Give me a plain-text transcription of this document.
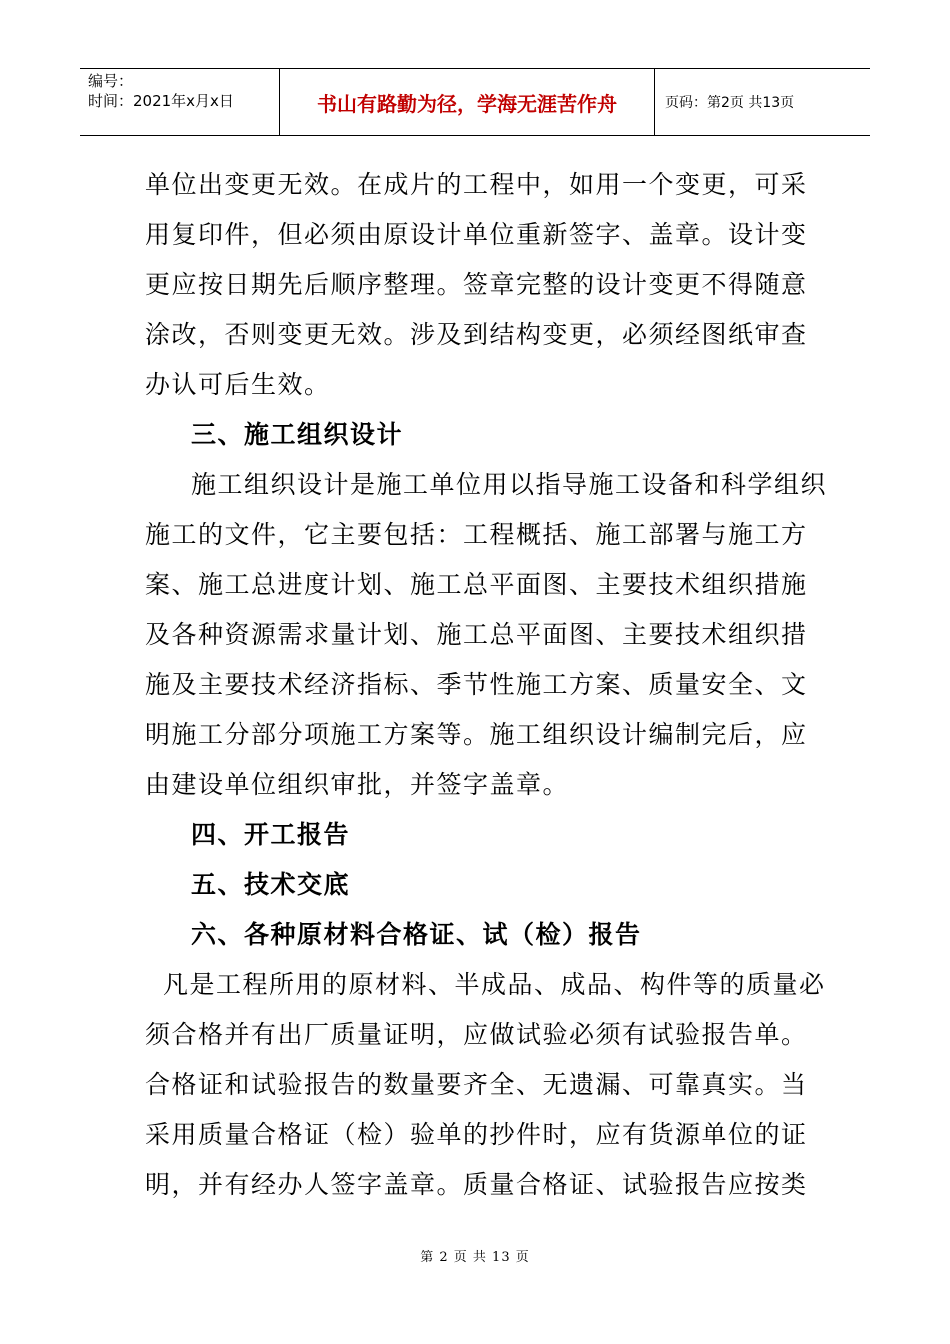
编号：
时间：2021年x月x日	书山有路勤为径，学海无涯苦作舟	页码：第2页 共13页
单位出变更无效。在成片的工程中，如用一个变更，可采
用复印件，但必须由原设计单位重新签字、盖章。设计变
更应按日期先后顺序整理。签章完整的设计变更不得随意
涂改，否则变更无效。涉及到结构变更，必须经图纸审查
办认可后生效。
三、施工组织设计
施工组织设计是施工单位用以指导施工设备和科学组织
施工的文件，它主要包括：工程概括、施工部署与施工方
案、施工总进度计划、施工总平面图、主要技术组织措施
及各种资源需求量计划、施工总平面图、主要技术组织措
施及主要技术经济指标、季节性施工方案、质量安全、文
明施工分部分项施工方案等。施工组织设计编制完后，应
由建设单位组织审批，并签字盖章。
四、开工报告
五、技术交底
六、各种原材料合格证、试（检）报告
凡是工程所用的原材料、半成品、成品、构件等的质量必
须合格并有出厂质量证明，应做试验必须有试验报告单。
合格证和试验报告的数量要齐全、无遗漏、可靠真实。当
采用质量合格证（检）验单的抄件时，应有货源单位的证
明，并有经办人签字盖章。质量合格证、试验报告应按类
第 2 页 共 13 页
